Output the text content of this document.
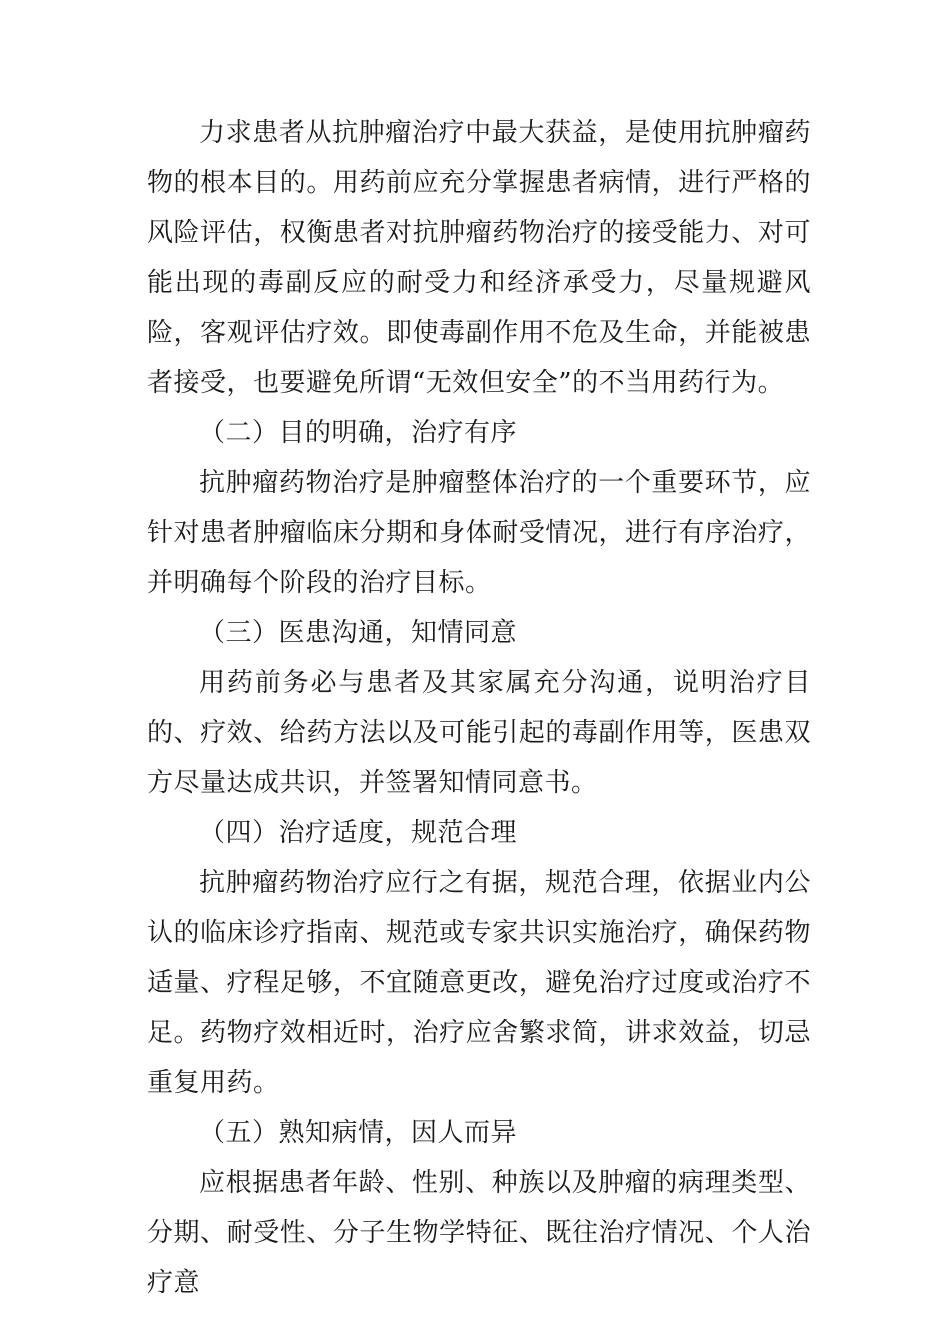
力求患者从抗肿瘤治疗中最大获益，是使用抗肿瘤药物的根本目的。用药前应充分掌握患者病情，进行严格的风险评估，权衡患者对抗肿瘤药物治疗的接受能力、对可能出现的毒副反应的耐受力和经济承受力，尽量规避风险，客观评估疗效。即使毒副作用不危及生命，并能被患者接受，也要避免所谓“无效但安全”的不当用药行为。

（二）目的明确，治疗有序

抗肿瘤药物治疗是肿瘤整体治疗的一个重要环节，应针对患者肿瘤临床分期和身体耐受情况，进行有序治疗，并明确每个阶段的治疗目标。

（三）医患沟通，知情同意

用药前务必与患者及其家属充分沟通，说明治疗目的、疗效、给药方法以及可能引起的毒副作用等，医患双方尽量达成共识，并签署知情同意书。

（四）治疗适度，规范合理

抗肿瘤药物治疗应行之有据，规范合理，依据业内公认的临床诊疗指南、规范或专家共识实施治疗，确保药物适量、疗程足够，不宜随意更改，避免治疗过度或治疗不足。药物疗效相近时，治疗应舍繁求简，讲求效益，切忌重复用药。

（五）熟知病情，因人而异

应根据患者年龄、性别、种族以及肿瘤的病理类型、分期、耐受性、分子生物学特征、既往治疗情况、个人治疗意
